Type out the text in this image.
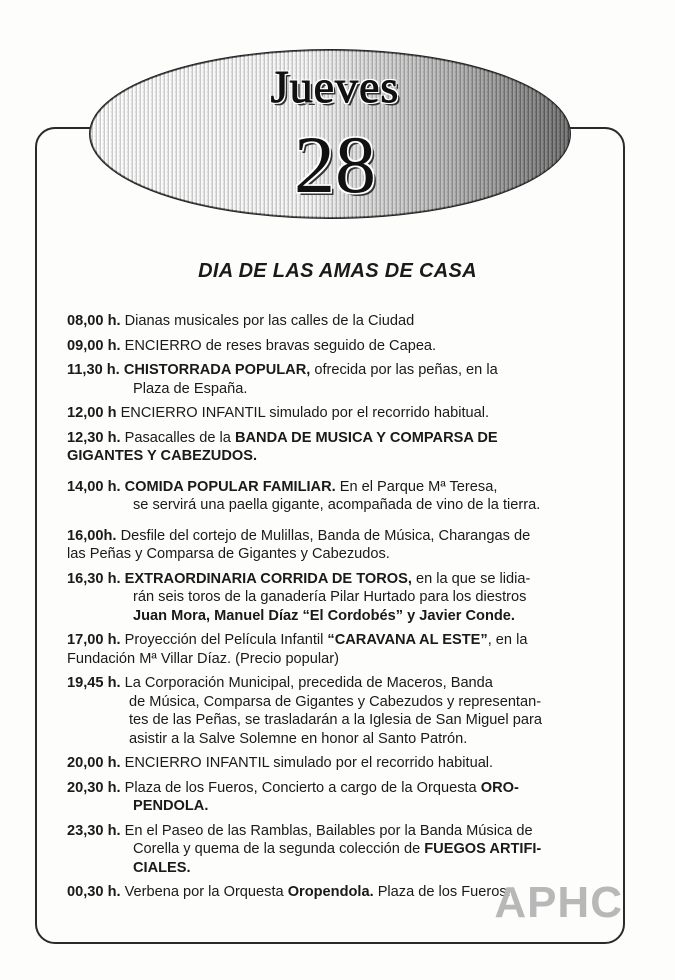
Jueves
28
DIA DE LAS AMAS DE CASA
08,00 h. Dianas musicales por las calles de la Ciudad
09,00 h. ENCIERRO de reses bravas seguido de Capea.
11,30 h. CHISTORRADA POPULAR, ofrecida por las peñas, en la
Plaza de España.
12,00 h ENCIERRO INFANTIL simulado por el recorrido habitual.
12,30 h. Pasacalles de la BANDA DE MUSICA Y COMPARSA DE
GIGANTES Y CABEZUDOS.
14,00 h. COMIDA POPULAR FAMILIAR. En el Parque Mª Teresa,
se servirá una paella gigante, acompañada de vino de la tierra.
16,00h. Desfile del cortejo de Mulillas, Banda de Música, Charangas de
las Peñas y Comparsa de Gigantes y Cabezudos.
16,30 h. EXTRAORDINARIA CORRIDA DE TOROS, en la que se lidia-
rán seis toros de la ganadería Pilar Hurtado para los diestros
Juan Mora, Manuel Díaz “El Cordobés” y Javier Conde.
17,00 h. Proyección del Película Infantil “CARAVANA AL ESTE”, en la
Fundación Mª Villar Díaz. (Precio popular)
19,45 h. La Corporación Municipal, precedida de Maceros, Banda
de Música, Comparsa de Gigantes y Cabezudos y representan-
tes de las Peñas, se trasladarán a la Iglesia de San Miguel para
asistir a la Salve Solemne en honor al Santo Patrón.
20,00 h. ENCIERRO INFANTIL simulado por el recorrido habitual.
20,30 h. Plaza de los Fueros, Concierto a cargo de la Orquesta ORO-
PENDOLA.
23,30 h. En el Paseo de las Ramblas, Bailables por la Banda Música de
Corella y quema de la segunda colección de FUEGOS ARTIFI-
CIALES.
00,30 h. Verbena por la Orquesta Oropendola. Plaza de los Fueros.
APHC
